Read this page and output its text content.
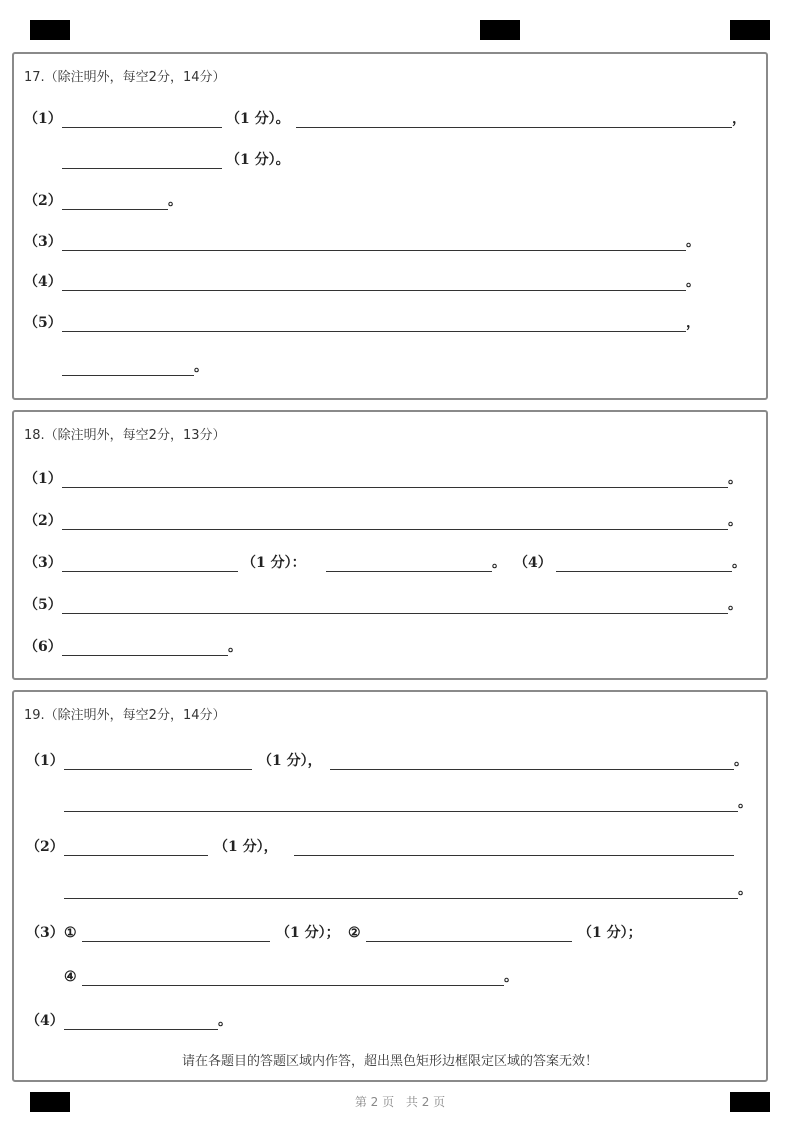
17.（除注明外，每空2分，14分）
（1）	（1 分）。	，
（1 分）。
（2）	。
（3）	。
（4）	。
（5）	，
。
18.（除注明外，每空2分，13分）
（1）	。
（2）	。
（3）	（1 分）：	。 （4）	。
（5）	。
（6）	。
19.（除注明外，每空2分，14分）
（1）	（1 分），	。
。
（2）	（1 分），
。
（3） ①	（1 分）； ②	（1 分）；
④	。
（4）	。
请在各题目的答题区域内作答，超出黑色矩形边框限定区域的答案无效！
第 2 页 共 2 页
